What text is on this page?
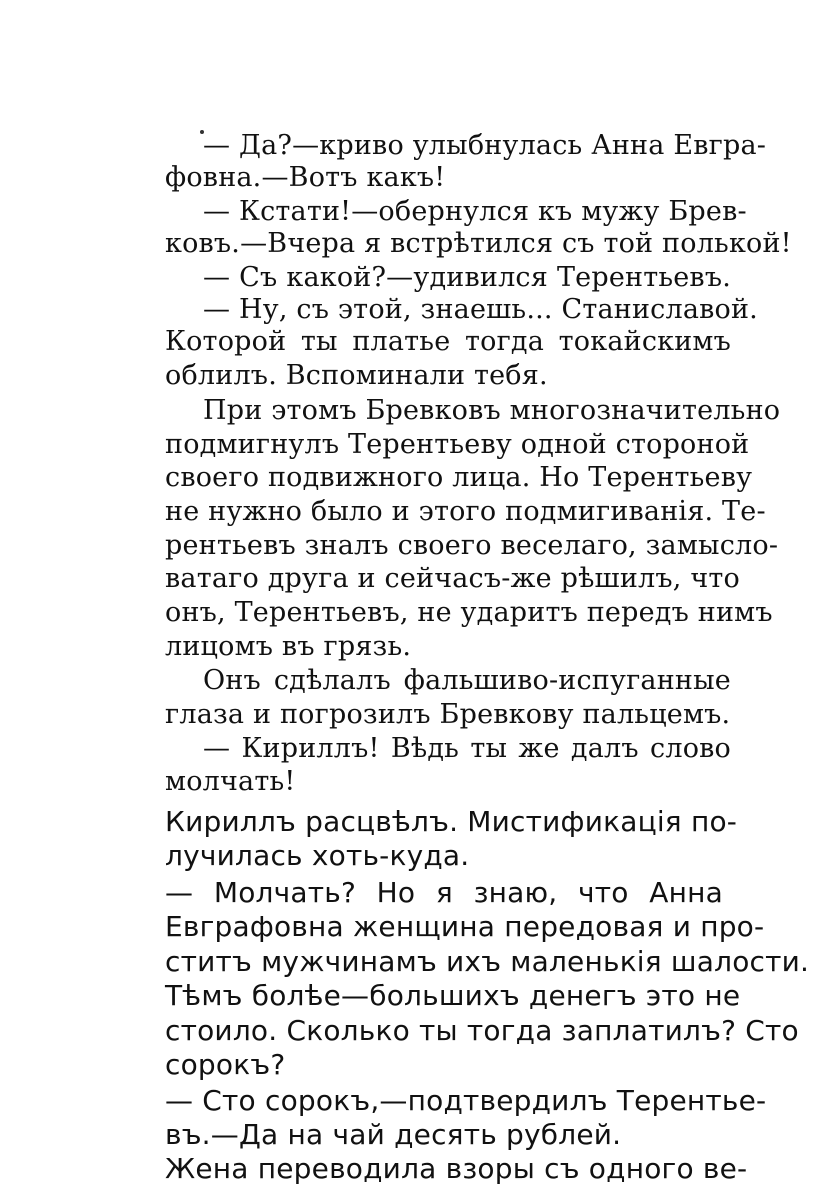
— Да?—криво улыбнулась Анна Евгра-
фовна.—Вотъ какъ!
— Кстати!—обернулся къ мужу Брев-
ковъ.—Вчера я встрѣтился съ той полькой!
— Съ какой?—удивился Терентьевъ.
— Ну, съ этой, знаешь... Станиславой.
Которой ты платье тогда токайскимъ
облилъ. Вспоминали тебя.
При этомъ Бревковъ многозначительно
подмигнулъ Терентьеву одной стороной
своего подвижного лица. Но Терентьеву
не нужно было и этого подмигиванія. Те-
рентьевъ зналъ своего веселаго, замысло-
ватаго друга и сейчасъ-же рѣшилъ, что
онъ, Терентьевъ, не ударитъ передъ нимъ
лицомъ въ грязь.
Онъ сдѣлалъ фальшиво-испуганные
глаза и погрозилъ Бревкову пальцемъ.
— Кириллъ! Вѣдь ты же далъ слово
молчать!
Кириллъ расцвѣлъ. Мистификація по-
лучилась хоть-куда.
— Молчать? Но я знаю, что Анна
Евграфовна женщина передовая и про-
ститъ мужчинамъ ихъ маленькія шалости.
Тѣмъ болѣе—большихъ денегъ это не
стоило. Сколько ты тогда заплатилъ? Сто
сорокъ?
— Сто сорокъ,—подтвердилъ Терентье-
въ.—Да на чай десять рублей.
Жена переводила взоры съ одного ве-
